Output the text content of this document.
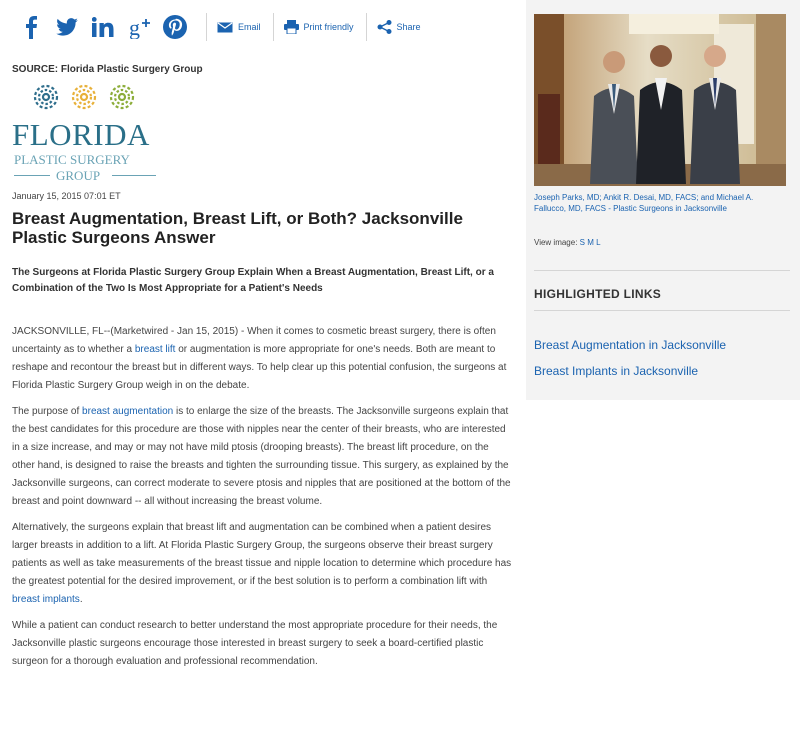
g	Email	Print friendly	Share
SOURCE: Florida Plastic Surgery Group
FLORIDA
PLASTIC SURGERY
GROUP
January 15, 2015 07:01 ET
Breast Augmentation, Breast Lift, or Both? Jacksonville Plastic Surgeons Answer
The Surgeons at Florida Plastic Surgery Group Explain When a Breast Augmentation, Breast Lift, or a Combination of the Two Is Most Appropriate for a Patient's Needs

JACKSONVILLE, FL--(Marketwired - Jan 15, 2015) - When it comes to cosmetic breast surgery, there is often uncertainty as to whether a breast lift or augmentation is more appropriate for one's needs. Both are meant to reshape and recontour the breast but in different ways. To help clear up this potential confusion, the surgeons at Florida Plastic Surgery Group weigh in on the debate.

The purpose of breast augmentation is to enlarge the size of the breasts. The Jacksonville surgeons explain that the best candidates for this procedure are those with nipples near the center of their breasts, who are interested in a size increase, and may or may not have mild ptosis (drooping breasts). The breast lift procedure, on the other hand, is designed to raise the breasts and tighten the surrounding tissue. This surgery, as explained by the Jacksonville surgeons, can correct moderate to severe ptosis and nipples that are positioned at the bottom of the breast and point downward -- all without increasing the breast volume.

Alternatively, the surgeons explain that breast lift and augmentation can be combined when a patient desires larger breasts in addition to a lift. At Florida Plastic Surgery Group, the surgeons observe their breast surgery patients as well as take measurements of the breast tissue and nipple location to determine which procedure has the greatest potential for the desired improvement, or if the best solution is to perform a combination lift with breast implants.

While a patient can conduct research to better understand the most appropriate procedure for their needs, the Jacksonville plastic surgeons encourage those interested in breast surgery to seek a board-certified plastic surgeon for a thorough evaluation and professional recommendation.

Joseph Parks, MD; Ankit R. Desai, MD, FACS; and Michael A. Fallucco, MD, FACS - Plastic Surgeons in Jacksonville
View image: S M L
HIGHLIGHTED LINKS
Breast Augmentation in Jacksonville
Breast Implants in Jacksonville
